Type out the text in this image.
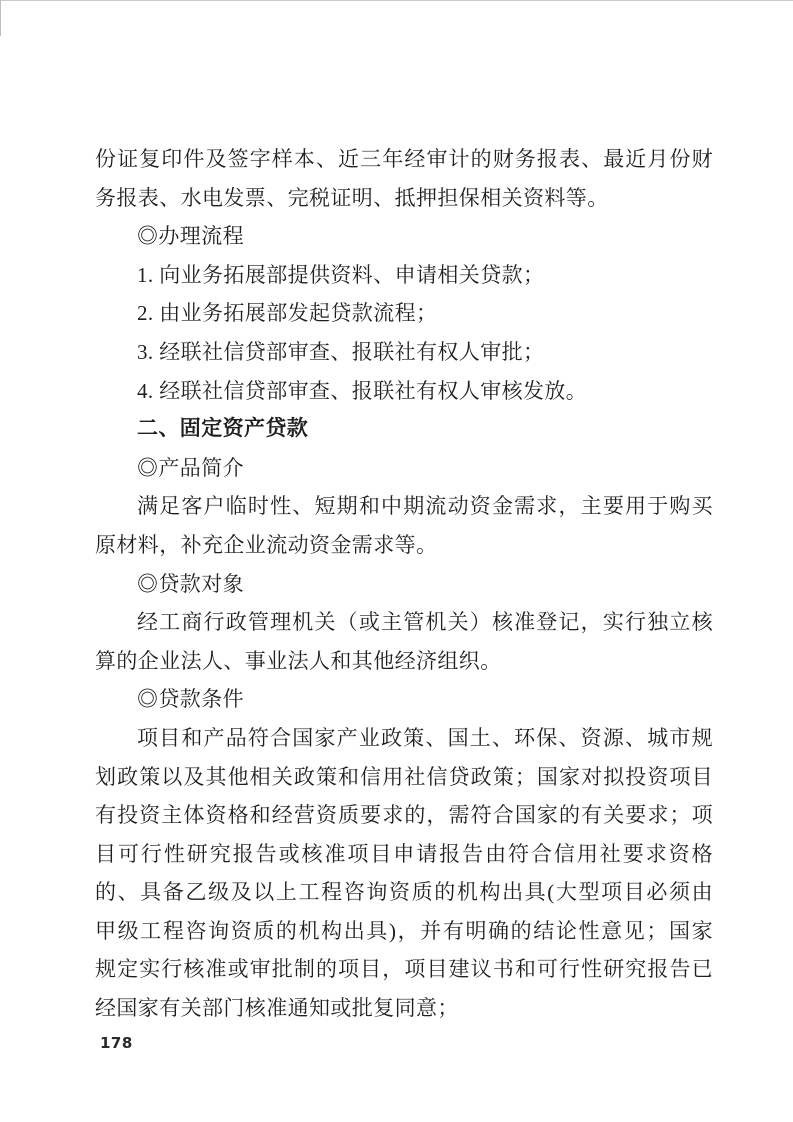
份证复印件及签字样本、近三年经审计的财务报表、最近月份财
务报表、水电发票、完税证明、抵押担保相关资料等。
◎办理流程
1. 向业务拓展部提供资料、申请相关贷款；
2. 由业务拓展部发起贷款流程；
3. 经联社信贷部审查、报联社有权人审批；
4. 经联社信贷部审查、报联社有权人审核发放。
二、固定资产贷款
◎产品简介
满足客户临时性、短期和中期流动资金需求，主要用于购买
原材料，补充企业流动资金需求等。
◎贷款对象
经工商行政管理机关（或主管机关）核准登记，实行独立核
算的企业法人、事业法人和其他经济组织。
◎贷款条件
项目和产品符合国家产业政策、国土、环保、资源、城市规
划政策以及其他相关政策和信用社信贷政策；国家对拟投资项目
有投资主体资格和经营资质要求的，需符合国家的有关要求；项
目可行性研究报告或核准项目申请报告由符合信用社要求资格
的、具备乙级及以上工程咨询资质的机构出具(大型项目必须由
甲级工程咨询资质的机构出具)，并有明确的结论性意见；国家
规定实行核准或审批制的项目，项目建议书和可行性研究报告已
经国家有关部门核准通知或批复同意；
178
